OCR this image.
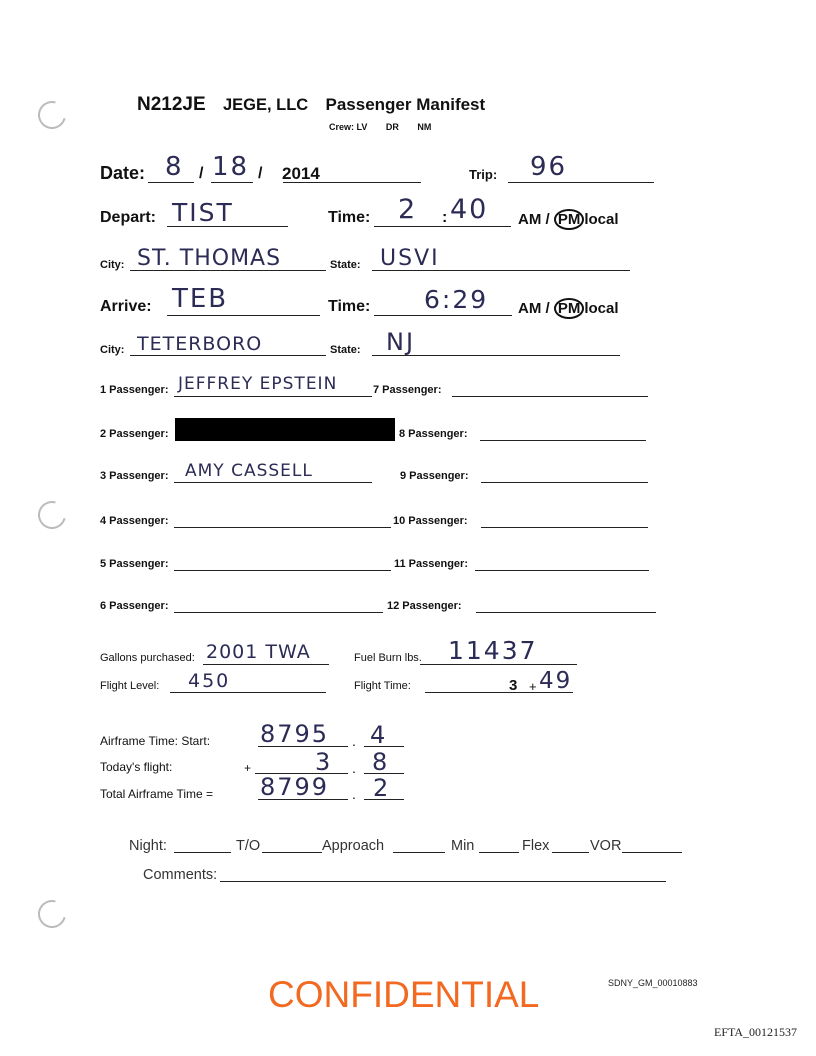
N212JE JEGE, LLC Passenger Manifest
Crew: LV DR NM
Date: 8 / 18 / 2014	Trip: 96
Depart: TIST	Time: 2 : 40 AM / PM local
City: ST. THOMAS	State: USVI
Arrive: TEB	Time: 6:29 AM / PM local
City: TETERBORO	State: NJ
1 Passenger: JEFFREY EPSTEIN
2 Passenger:
3 Passenger: AMY CASSELL
4 Passenger:
5 Passenger:
6 Passenger:
7 Passenger:
8 Passenger:
9 Passenger:
10 Passenger:
11 Passenger:
12 Passenger:
Gallons purchased: 2001 TWA	Fuel Burn lbs. 11437
Flight Level: 450	Flight Time:	3 + 49
Airframe Time: Start: 8795 . 4
Today's flight:	+	3 . 8
Total Airframe Time = 8799 . 2
Night:	T/O	Approach	Min	Flex	VOR
Comments:
CONFIDENTIAL	SDNY_GM_00010883
EFTA_00121537
